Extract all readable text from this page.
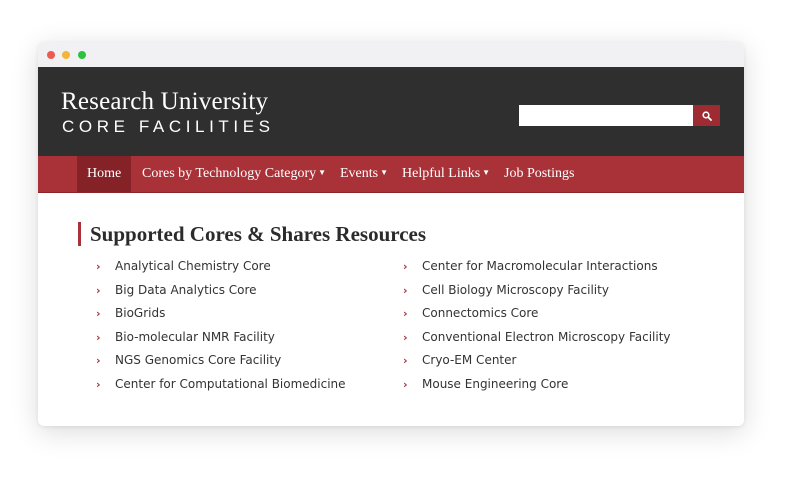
Research University
CORE FACILITIES
Home	Cores by Technology Category ▼ Events ▼ Helpful Links ▼ Job Postings
Supported Cores & Shares Resources
› Analytical Chemistry Core
› Big Data Analytics Core
› BioGrids
› Bio-molecular NMR Facility
› NGS Genomics Core Facility
› Center for Computational Biomedicine
› Center for Macromolecular Interactions
› Cell Biology Microscopy Facility
› Connectomics Core
› Conventional Electron Microscopy Facility
› Cryo-EM Center
› Mouse Engineering Core
